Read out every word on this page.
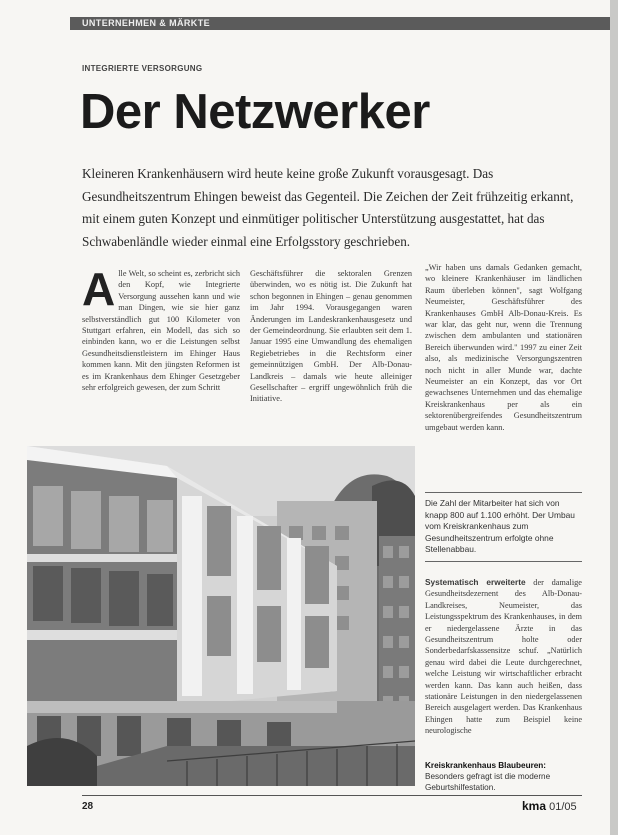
UNTERNEHMEN & MÄRKTE
INTEGRIERTE VERSORGUNG
Der Netzwerker
Kleineren Krankenhäusern wird heute keine große Zukunft vorausgesagt. Das Gesundheitszentrum Ehingen beweist das Gegenteil. Die Zeichen der Zeit frühzeitig erkannt, mit einem guten Konzept und einmütiger politischer Unterstützung ausgestattet, hat das Schwabenländle wieder einmal eine Erfolgsstory geschrieben.
A lle Welt, so scheint es, zerbricht sich den Kopf, wie Integrierte Versorgung aussehen kann und wie man Dingen, wie sie hier ganz selbstverständlich gut 100 Kilometer von Stuttgart erfahren, ein Modell, das sich so einbinden kann, wo er die Leistungen selbst Gesundheitsdienstleistern im Ehinger Haus kommen kann. Mit den jüngsten Reformen ist es im Krankenhaus dem Ehinger Gesetzgeber sehr erfolgreich gewesen, der zum Schritt
Geschäftsführer die sektoralen Grenzen überwinden, wo es nötig ist. Die Zukunft hat schon begonnen in Ehingen – genau genommen im Jahr 1994. Vorausgegangen waren Änderungen im Landeskrankenhausgesetz und der Gemeindeordnung. Sie erlaubten seit dem 1. Januar 1995 eine Umwandlung des ehemaligen Regiebetriebes in die Rechtsform einer gemeinnützigen GmbH. Der Alb-Donau-Landkreis – damals wie heute alleiniger Gesellschafter – ergriff ungewöhnlich früh die Initiative.
„Wir haben uns damals Gedanken gemacht, wo kleinere Krankenhäuser im ländlichen Raum überleben können", sagt Wolfgang Neumeister, Geschäftsführer des Krankenhauses GmbH Alb-Donau-Kreis. Es war klar, das geht nur, wenn die Trennung zwischen dem ambulanten und stationären Bereich überwunden wird." 1997 zu einer Zeit also, als medizinische Versorgungszentren noch nicht in aller Munde war, dachte Neumeister an ein Konzept, das vor Ort gewachsenes Unternehmen und das ehemalige Kreiskrankenhaus per als ein sektorenübergreifendes Gesundheitszentrum umgebaut werden kann.
Die Zahl der Mitarbeiter hat sich von knapp 800 auf 1.100 erhöht. Der Umbau vom Kreiskrankenhaus zum Gesundheitszentrum erfolgte ohne Stellenabbau.
Systematisch erweiterte der damalige Gesundheitsdezernent des Alb-Donau-Landkreises, Neumeister, das Leistungsspektrum des Krankenhauses, in dem er niedergelassene Ärzte in das Gesundheitszentrum holte oder Sonderbedarfskassensitze schuf. „Natürlich genau wird dabei die Leute durchgerechnet, welche Leistung wir wirtschaftlicher erbracht werden kann. Das kann auch heißen, dass stationäre Leistungen in den niedergelassenen Bereich ausgelagert werden. Das Krankenhaus Ehingen hatte zum Beispiel keine neurologische
Kreiskrankenhaus Blaubeuren: Besonders gefragt ist die moderne Geburtshilfestation.
28	kma 01/05
